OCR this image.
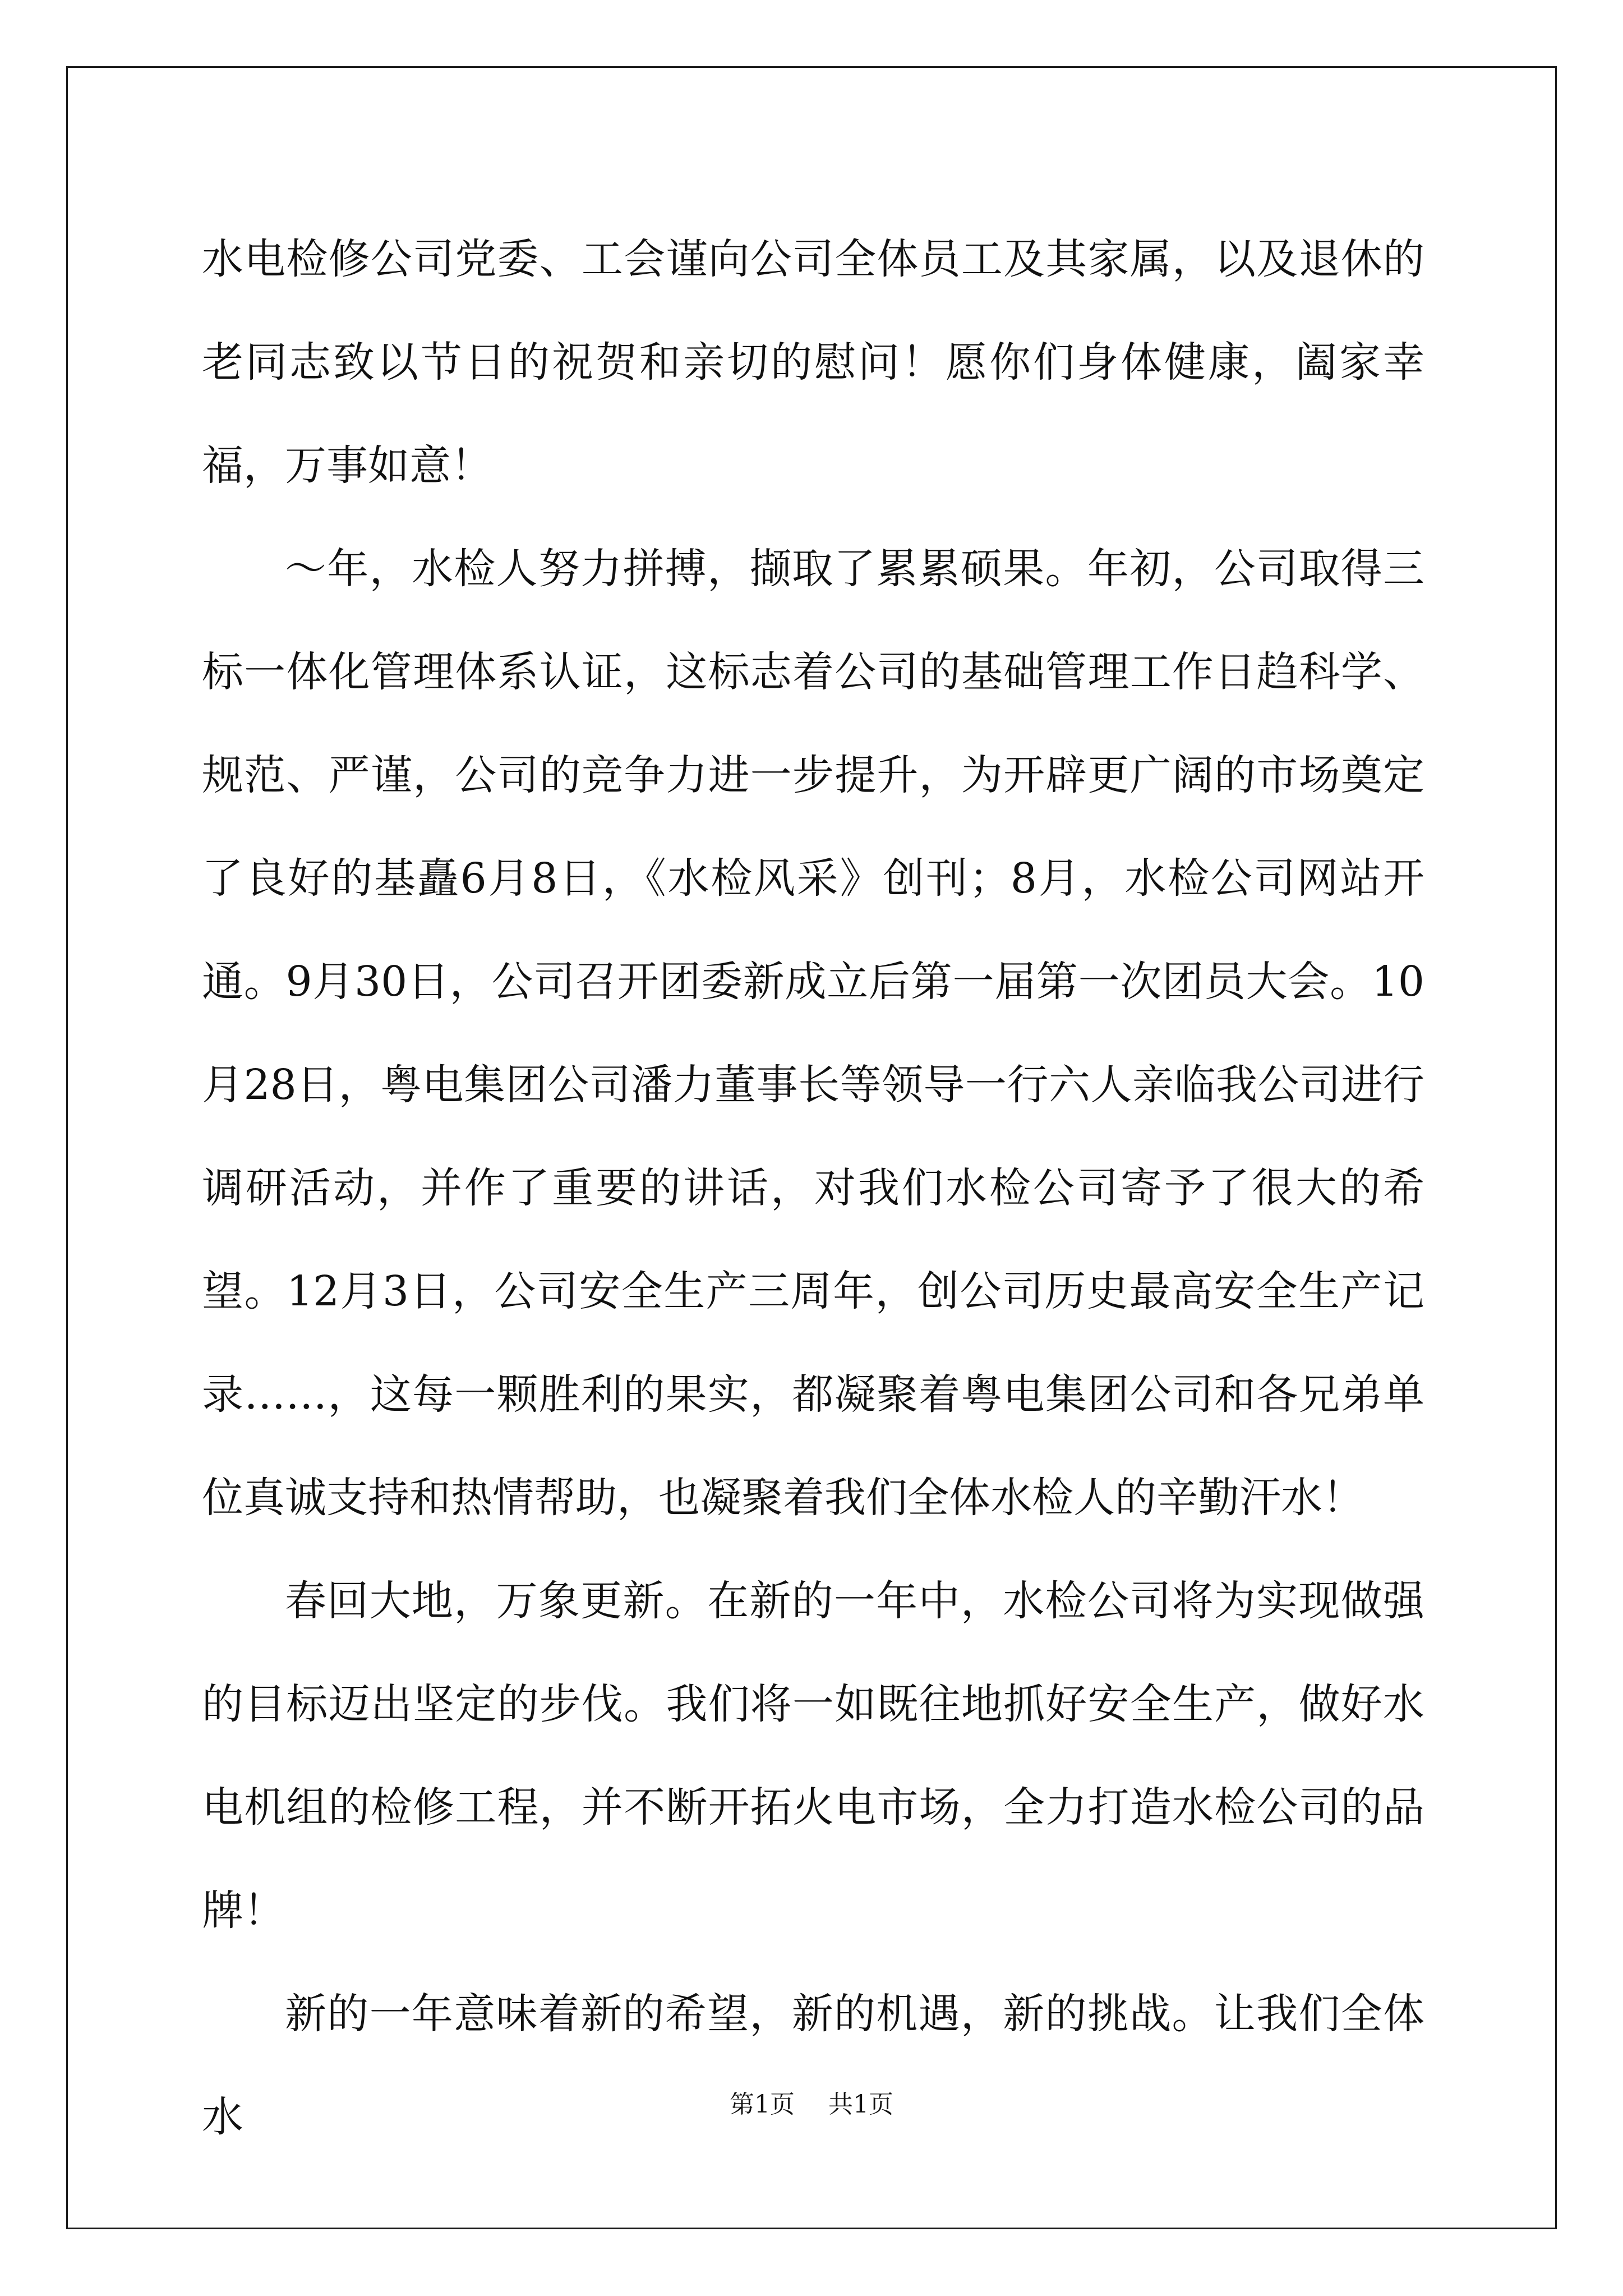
水电检修公司党委、工会谨向公司全体员工及其家属，以及退休的老同志致以节日的祝贺和亲切的慰问！愿你们身体健康，阖家幸福，万事如意！

～年，水检人努力拼搏，撷取了累累硕果。年初，公司取得三标一体化管理体系认证，这标志着公司的基础管理工作日趋科学、规范、严谨，公司的竞争力进一步提升，为开辟更广阔的市场奠定了良好的基矗6月8日，《水检风采》创刊；8月，水检公司网站开通。9月30日，公司召开团委新成立后第一届第一次团员大会。10月28日，粤电集团公司潘力董事长等领导一行六人亲临我公司进行调研活动，并作了重要的讲话，对我们水检公司寄予了很大的希望。12月3日，公司安全生产三周年，创公司历史最高安全生产记录……，这每一颗胜利的果实，都凝聚着粤电集团公司和各兄弟单位真诚支持和热情帮助，也凝聚着我们全体水检人的辛勤汗水！

春回大地，万象更新。在新的一年中，水检公司将为实现做强的目标迈出坚定的步伐。我们将一如既往地抓好安全生产，做好水电机组的检修工程，并不断开拓火电市场，全力打造水检公司的品牌！

新的一年意味着新的希望，新的机遇，新的挑战。让我们全体水	第1页 共1页
